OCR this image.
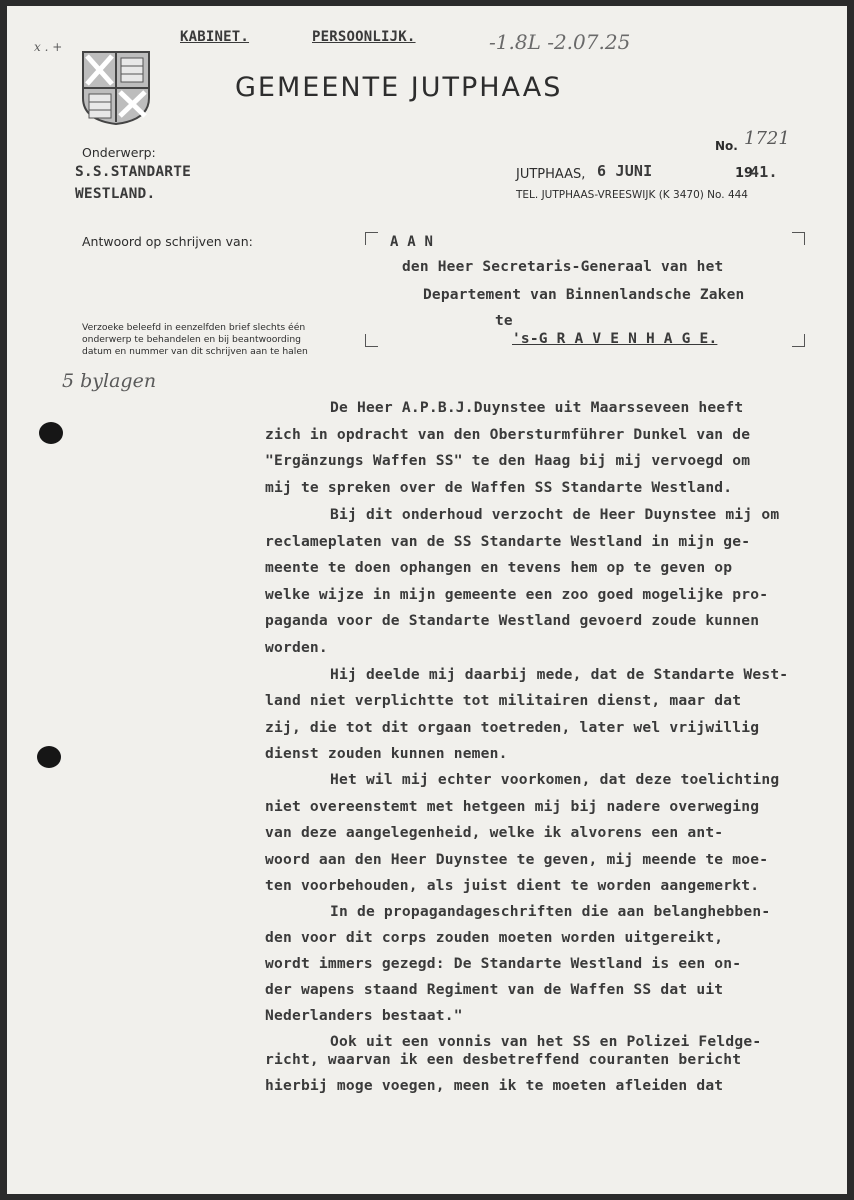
x . +
KABINET.	PERSOONLIJK.	-1.8L -2.07.25
GEMEENTE JUTPHAAS
No. 1721
Onderwerp:
S.S.STANDARTE
WESTLAND.
JUTPHAAS, 6 JUNI	19
41.
TEL. JUTPHAAS-VREESWIJK (K 3470) No. 444
Antwoord op schrijven van:	A A N
den Heer Secretaris-Generaal van het
Departement van Binnenlandsche Zaken
te
's-G R A V E N H A G E.
Verzoeke beleefd in eenzelfden brief slechts één
onderwerp te behandelen en bij beantwoording
datum en nummer van dit schrijven aan te halen
5 bylagen
De Heer A.P.B.J.Duynstee uit Maarsseveen heeft
zich in opdracht van den Obersturmführer Dunkel van de
"Ergänzungs Waffen SS" te den Haag bij mij vervoegd om
mij te spreken over de Waffen SS Standarte Westland.
Bij dit onderhoud verzocht de Heer Duynstee mij om
reclameplaten van de SS Standarte Westland in mijn ge-
meente te doen ophangen en tevens hem op te geven op
welke wijze in mijn gemeente een zoo goed mogelijke pro-
paganda voor de Standarte Westland gevoerd zoude kunnen
worden.
Hij deelde mij daarbij mede, dat de Standarte West-
land niet verplichtte tot militairen dienst, maar dat
zij, die tot dit orgaan toetreden, later wel vrijwillig
dienst zouden kunnen nemen.
Het wil mij echter voorkomen, dat deze toelichting
niet overeenstemt met hetgeen mij bij nadere overweging
van deze aangelegenheid, welke ik alvorens een ant-
woord aan den Heer Duynstee te geven, mij meende te moe-
ten voorbehouden, als juist dient te worden aangemerkt.
In de propagandageschriften die aan belanghebben-
den voor dit corps zouden moeten worden uitgereikt,
wordt immers gezegd: De Standarte Westland is een on-
der wapens staand Regiment van de Waffen SS dat uit
Nederlanders bestaat."
Ook uit een vonnis van het SS en Polizei Feldge-
richt, waarvan ik een desbetreffend couranten bericht
hierbij moge voegen, meen ik te moeten afleiden dat
